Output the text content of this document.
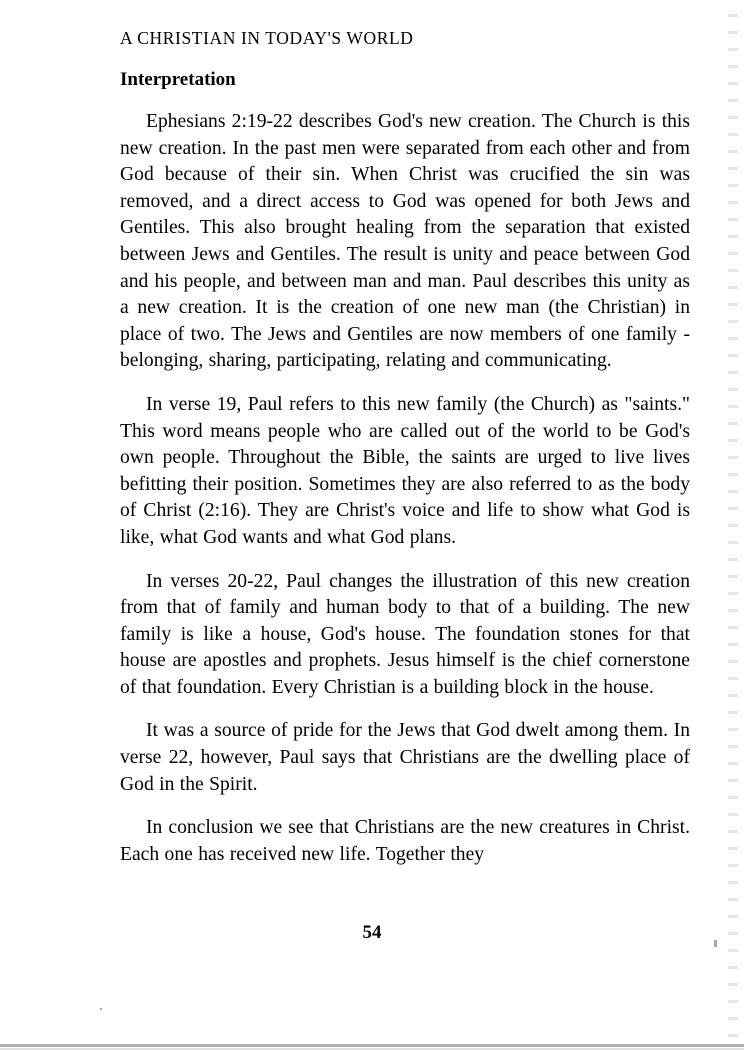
A CHRISTIAN IN TODAY'S WORLD
Interpretation

Ephesians 2:19-22 describes God's new creation. The Church is this new creation. In the past men were separated from each other and from God because of their sin. When Christ was crucified the sin was removed, and a direct access to God was opened for both Jews and Gentiles. This also brought healing from the separation that existed between Jews and Gentiles. The result is unity and peace between God and his people, and between man and man. Paul describes this unity as a new creation. It is the creation of one new man (the Christian) in place of two. The Jews and Gentiles are now members of one family - belonging, sharing, participating, relating and communicating.

In verse 19, Paul refers to this new family (the Church) as "saints." This word means people who are called out of the world to be God's own people. Throughout the Bible, the saints are urged to live lives befitting their position. Sometimes they are also referred to as the body of Christ (2:16). They are Christ's voice and life to show what God is like, what God wants and what God plans.

In verses 20-22, Paul changes the illustration of this new creation from that of family and human body to that of a building. The new family is like a house, God's house. The foundation stones for that house are apostles and prophets. Jesus himself is the chief cornerstone of that foundation. Every Christian is a building block in the house.

It was a source of pride for the Jews that God dwelt among them. In verse 22, however, Paul says that Christians are the dwelling place of God in the Spirit.

In conclusion we see that Christians are the new creatures in Christ. Each one has received new life. Together they

54
